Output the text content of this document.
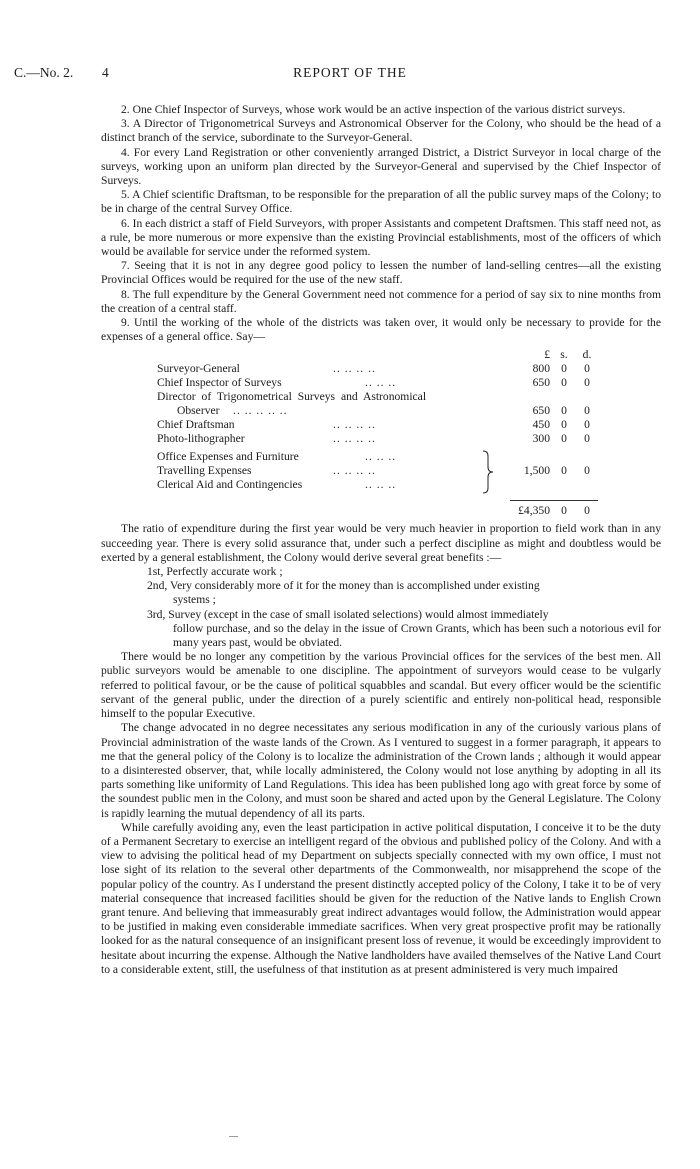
C.—No. 2. 4	REPORT OF THE

2. One Chief Inspector of Surveys, whose work would be an active inspection of the various district surveys.

3. A Director of Trigonometrical Surveys and Astronomical Observer for the Colony, who should be the head of a distinct branch of the service, subordinate to the Surveyor-General.

4. For every Land Registration or other conveniently arranged District, a District Surveyor in local charge of the surveys, working upon an uniform plan directed by the Surveyor-General and supervised by the Chief Inspector of Surveys.

5. A Chief scientific Draftsman, to be responsible for the preparation of all the public survey maps of the Colony; to be in charge of the central Survey Office.

6. In each district a staff of Field Surveyors, with proper Assistants and competent Draftsmen. This staff need not, as a rule, be more numerous or more expensive than the existing Provincial establishments, most of the officers of which would be available for service under the reformed system.

7. Seeing that it is not in any degree good policy to lessen the number of land-selling centres—all the existing Provincial Offices would be required for the use of the new staff.

8. The full expenditure by the General Government need not commence for a period of say six to nine months from the creation of a central staff.

9. Until the working of the whole of the districts was taken over, it would only be necessary to provide for the expenses of a general office. Say—

£ s. d.
Surveyor-General	.. .. .. ..	800 0 0
Chief Inspector of Surveys	.. .. ..	650 0 0
Director of Trigonometrical Surveys and Astronomical
Observer .. .. .. .. ..	650 0 0
Chief Draftsman	.. .. .. ..	450 0 0
Photo-lithographer	.. .. .. ..	300 0 0
Office Expenses and Furniture	.. .. ..
Travelling Expenses	.. .. .. ..
Clerical Aid and Contingencies	.. .. ..
1,500 0 0
£4,350 0 0

The ratio of expenditure during the first year would be very much heavier in proportion to field work than in any succeeding year. There is every solid assurance that, under such a perfect discipline as might and doubtless would be exerted by a general establishment, the Colony would derive several great benefits :—

1st, Perfectly accurate work ;

2nd, Very considerably more of it for the money than is accomplished under existing
systems ;

3rd, Survey (except in the case of small isolated selections) would almost immediately
follow purchase, and so the delay in the issue of Crown Grants, which has been such a notorious evil for many years past, would be obviated.

There would be no longer any competition by the various Provincial offices for the services of the best men. All public surveyors would be amenable to one discipline. The appointment of surveyors would cease to be vulgarly referred to political favour, or be the cause of political squabbles and scandal. But every officer would be the scientific servant of the general public, under the direction of a purely scientific and entirely non-political head, responsible himself to the popular Executive.

The change advocated in no degree necessitates any serious modification in any of the curiously various plans of Provincial administration of the waste lands of the Crown. As I ventured to suggest in a former paragraph, it appears to me that the general policy of the Colony is to localize the administration of the Crown lands ; although it would appear to a disinterested observer, that, while locally administered, the Colony would not lose anything by adopting in all its parts something like uniformity of Land Regulations. This idea has been published long ago with great force by some of the soundest public men in the Colony, and must soon be shared and acted upon by the General Legislature. The Colony is rapidly learning the mutual dependency of all its parts.

While carefully avoiding any, even the least participation in active political disputation, I conceive it to be the duty of a Permanent Secretary to exercise an intelligent regard of the obvious and published policy of the Colony. And with a view to advising the political head of my Department on subjects specially connected with my own office, I must not lose sight of its relation to the several other departments of the Commonwealth, nor misapprehend the scope of the popular policy of the country. As I understand the present distinctly accepted policy of the Colony, I take it to be of very material consequence that increased facilities should be given for the reduction of the Native lands to English Crown grant tenure. And believing that immeasurably great indirect advantages would follow, the Administration would appear to be justified in making even considerable immediate sacrifices. When very great prospective profit may be rationally looked for as the natural consequence of an insignificant present loss of revenue, it would be exceedingly improvident to hesitate about incurring the expense. Although the Native landholders have availed themselves of the Native Land Court to a considerable extent, still, the usefulness of that institution as at present administered is very much impaired
